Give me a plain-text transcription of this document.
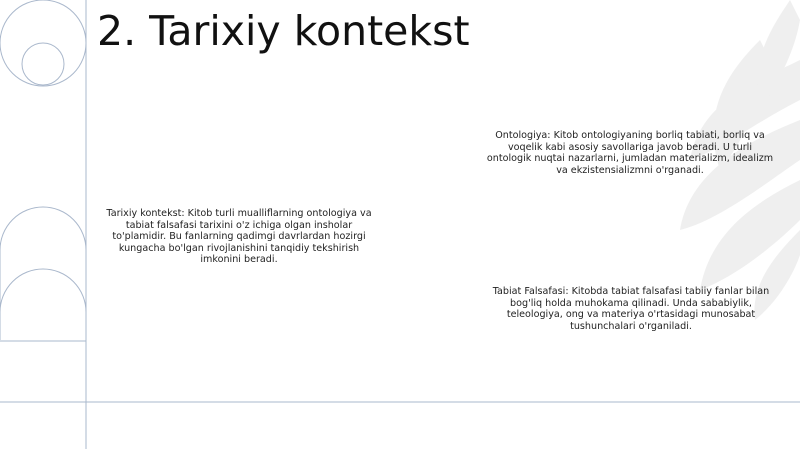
2. Tarixiy kontekst

Tarixiy kontekst: Kitob turli mualliflarning ontologiya va tabiat falsafasi tarixini o'z ichiga olgan insholar to'plamidir. Bu fanlarning qadimgi davrlardan hozirgi kungacha bo'lgan rivojlanishini tanqidiy tekshirish imkonini beradi.

Ontologiya: Kitob ontologiyaning borliq tabiati, borliq va voqelik kabi asosiy savollariga javob beradi. U turli ontologik nuqtai nazarlarni, jumladan materializm, idealizm va ekzistensializmni o'rganadi.

Tabiat Falsafasi: Kitobda tabiat falsafasi tabiiy fanlar bilan bog'liq holda muhokama qilinadi. Unda sababiylik, teleologiya, ong va materiya o'rtasidagi munosabat tushunchalari o'rganiladi.
